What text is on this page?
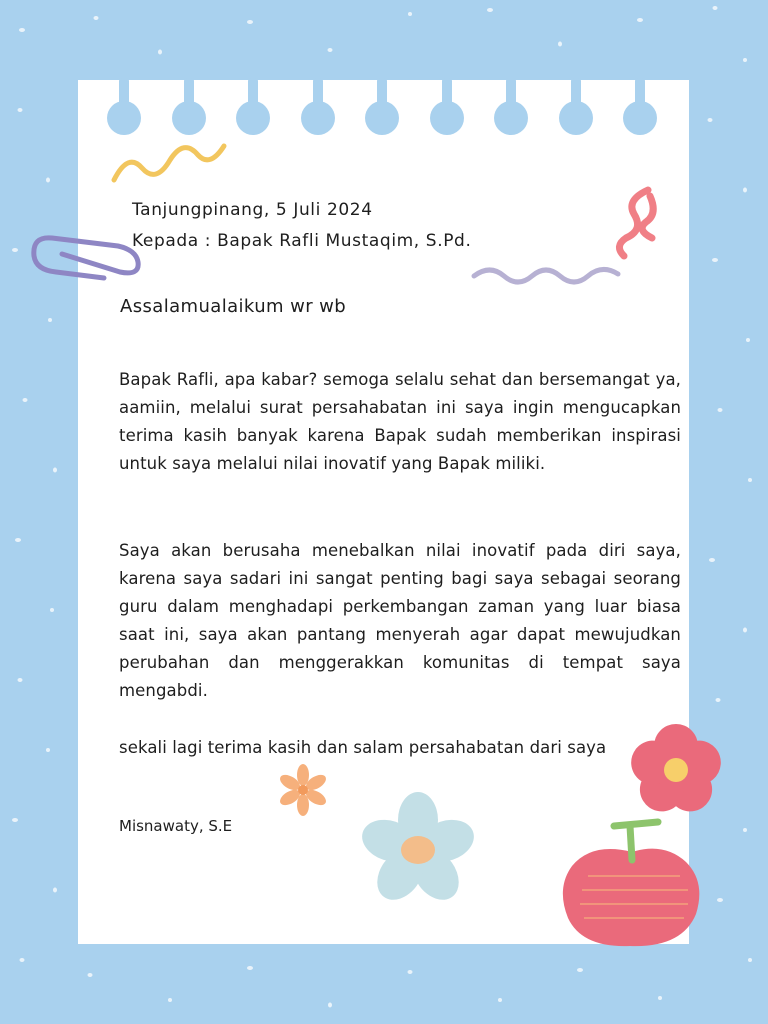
Tanjungpinang, 5 Juli 2024
Kepada : Bapak Rafli Mustaqim, S.Pd.
Assalamualaikum wr wb
Bapak Rafli, apa kabar? semoga selalu sehat dan bersemangat ya, aamiin, melalui surat persahabatan ini saya ingin mengucapkan terima kasih banyak karena Bapak sudah memberikan inspirasi untuk saya melalui nilai inovatif yang Bapak miliki.
Saya akan berusaha menebalkan nilai inovatif pada diri saya, karena saya sadari ini sangat penting bagi saya sebagai seorang guru dalam menghadapi perkembangan zaman yang luar biasa saat ini, saya akan pantang menyerah agar dapat mewujudkan perubahan dan menggerakkan komunitas di tempat saya mengabdi.
sekali lagi terima kasih dan salam persahabatan dari saya
Misnawaty, S.E
